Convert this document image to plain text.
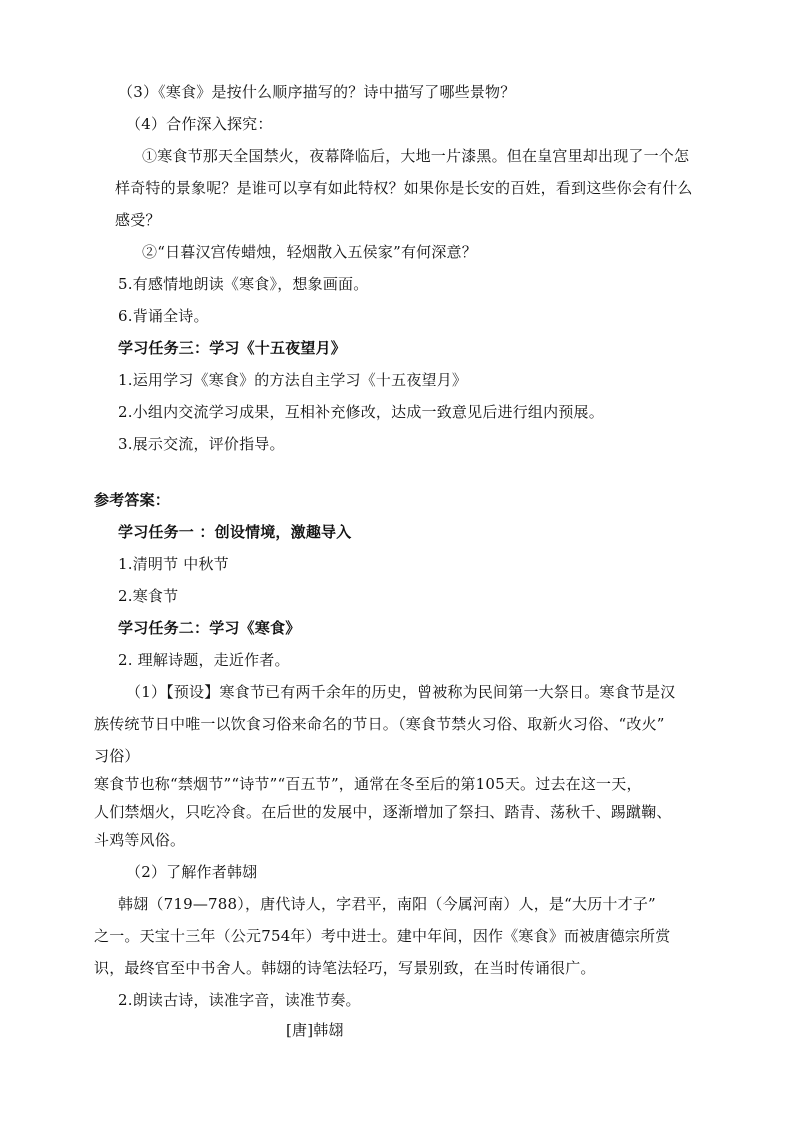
（3）《寒食》是按什么顺序描写的？诗中描写了哪些景物？
（4）合作深入探究：
①寒食节那天全国禁火，夜幕降临后，大地一片漆黑。但在皇宫里却出现了一个怎
样奇特的景象呢？是谁可以享有如此特权？如果你是长安的百姓，看到这些你会有什么
感受？
②“日暮汉宫传蜡烛，轻烟散入五侯家”有何深意？
5.有感情地朗读《寒食》，想象画面。
6.背诵全诗。
学习任务三：学习《十五夜望月》
1.运用学习《寒食》的方法自主学习《十五夜望月》
2.小组内交流学习成果，互相补充修改，达成一致意见后进行组内预展。
3.展示交流，评价指导。
参考答案：
学习任务一 ：创设情境，激趣导入
1.清明节 中秋节
2.寒食节
学习任务二：学习《寒食》
2. 理解诗题，走近作者。
（1）【预设】寒食节已有两千余年的历史，曾被称为民间第一大祭日。寒食节是汉
族传统节日中唯一以饮食习俗来命名的节日。（寒食节禁火习俗、取新火习俗、“改火”
习俗）
寒食节也称“禁烟节”“诗节”“百五节”，通常在冬至后的第105天。过去在这一天，
人们禁烟火，只吃冷食。在后世的发展中，逐渐增加了祭扫、踏青、荡秋千、踢蹴鞠、
斗鸡等风俗。
（2）了解作者韩翃
韩翃（719—788），唐代诗人，字君平，南阳（今属河南）人，是“大历十才子”
之一。天宝十三年（公元754年）考中进士。建中年间，因作《寒食》而被唐德宗所赏
识，最终官至中书舍人。韩翃的诗笔法轻巧，写景别致，在当时传诵很广。
2.朗读古诗，读准字音，读准节奏。
[唐]韩翃
